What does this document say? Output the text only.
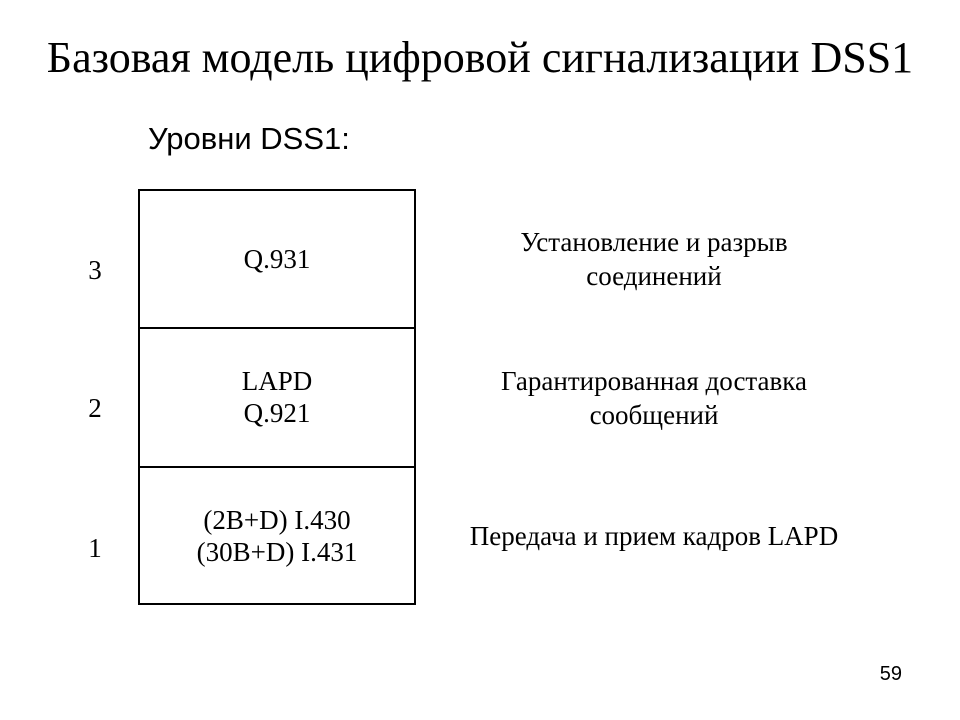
Базовая модель цифровой сигнализации DSS1
Уровни DSS1:
Q.931
LAPD
Q.921
(2B+D) I.430
(30B+D) I.431
3
2
1
Установление и разрыв
соединений
Гарантированная доставка
сообщений
Передача и прием кадров LAPD
59
